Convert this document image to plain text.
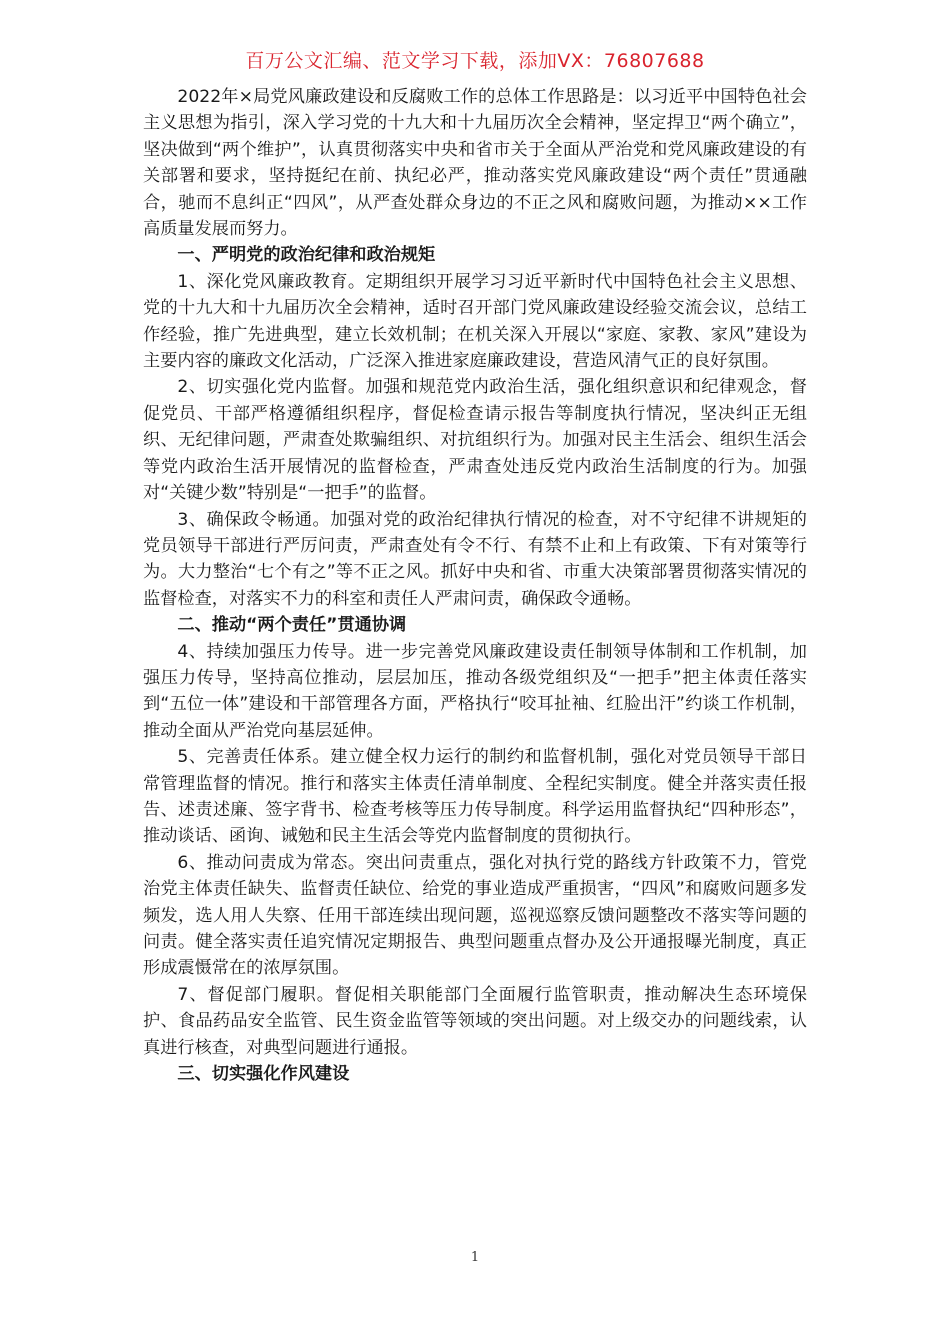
百万公文汇编、范文学习下载，添加VX：76807688

2022年×局党风廉政建设和反腐败工作的总体工作思路是：以习近平中国特色社会主义思想为指引，深入学习党的十九大和十九届历次全会精神，坚定捍卫“两个确立”，坚决做到“两个维护”，认真贯彻落实中央和省市关于全面从严治党和党风廉政建设的有关部署和要求，坚持挺纪在前、执纪必严，推动落实党风廉政建设“两个责任”贯通融合，驰而不息纠正“四风”，从严查处群众身边的不正之风和腐败问题，为推动××工作高质量发展而努力。

一、严明党的政治纪律和政治规矩

1、深化党风廉政教育。定期组织开展学习习近平新时代中国特色社会主义思想、党的十九大和十九届历次全会精神，适时召开部门党风廉政建设经验交流会议，总结工作经验，推广先进典型，建立长效机制；在机关深入开展以“家庭、家教、家风”建设为主要内容的廉政文化活动，广泛深入推进家庭廉政建设，营造风清气正的良好氛围。

2、切实强化党内监督。加强和规范党内政治生活，强化组织意识和纪律观念，督促党员、干部严格遵循组织程序，督促检查请示报告等制度执行情况，坚决纠正无组织、无纪律问题，严肃查处欺骗组织、对抗组织行为。加强对民主生活会、组织生活会等党内政治生活开展情况的监督检查，严肃查处违反党内政治生活制度的行为。加强对“关键少数”特别是“一把手”的监督。

3、确保政令畅通。加强对党的政治纪律执行情况的检查，对不守纪律不讲规矩的党员领导干部进行严厉问责，严肃查处有令不行、有禁不止和上有政策、下有对策等行为。大力整治“七个有之”等不正之风。抓好中央和省、市重大决策部署贯彻落实情况的监督检查，对落实不力的科室和责任人严肃问责，确保政令通畅。

二、推动“两个责任”贯通协调

4、持续加强压力传导。进一步完善党风廉政建设责任制领导体制和工作机制，加强压力传导，坚持高位推动，层层加压，推动各级党组织及“一把手”把主体责任落实到“五位一体”建设和干部管理各方面，严格执行“咬耳扯袖、红脸出汗”约谈工作机制，推动全面从严治党向基层延伸。

5、完善责任体系。建立健全权力运行的制约和监督机制，强化对党员领导干部日常管理监督的情况。推行和落实主体责任清单制度、全程纪实制度。健全并落实责任报告、述责述廉、签字背书、检查考核等压力传导制度。科学运用监督执纪“四种形态”，推动谈话、函询、诫勉和民主生活会等党内监督制度的贯彻执行。

6、推动问责成为常态。突出问责重点，强化对执行党的路线方针政策不力，管党治党主体责任缺失、监督责任缺位、给党的事业造成严重损害，“四风”和腐败问题多发频发，选人用人失察、任用干部连续出现问题，巡视巡察反馈问题整改不落实等问题的问责。健全落实责任追究情况定期报告、典型问题重点督办及公开通报曝光制度，真正形成震慑常在的浓厚氛围。

7、督促部门履职。督促相关职能部门全面履行监管职责，推动解决生态环境保护、食品药品安全监管、民生资金监管等领域的突出问题。对上级交办的问题线索，认真进行核查，对典型问题进行通报。

三、切实强化作风建设

1
